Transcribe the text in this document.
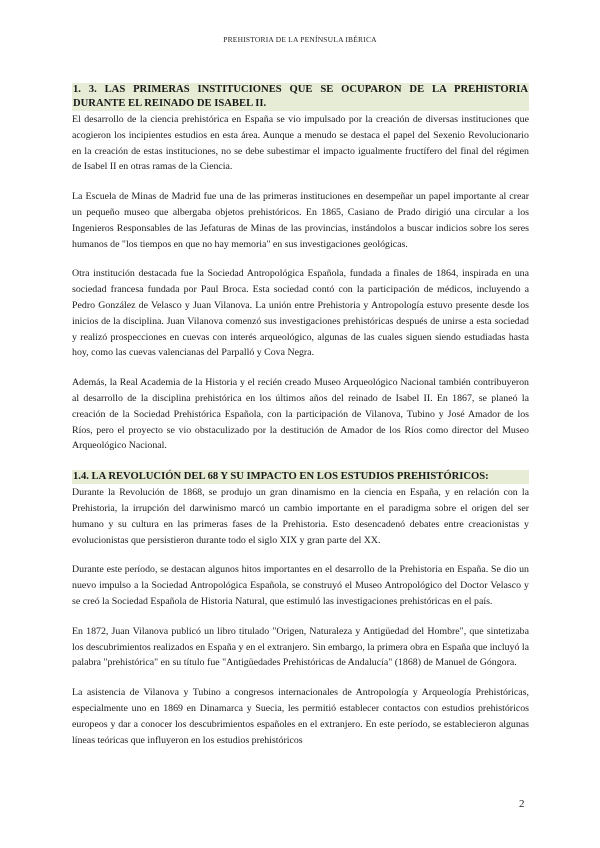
PREHISTORIA DE LA PENÍNSULA IBÉRICA

1. 3. LAS PRIMERAS INSTITUCIONES QUE SE OCUPARON DE LA PREHISTORIA DURANTE EL REINADO DE ISABEL II.

El desarrollo de la ciencia prehistórica en España se vio impulsado por la creación de diversas instituciones que acogieron los incipientes estudios en esta área. Aunque a menudo se destaca el papel del Sexenio Revolucionario en la creación de estas instituciones, no se debe subestimar el impacto igualmente fructífero del final del régimen de Isabel II en otras ramas de la Ciencia.

La Escuela de Minas de Madrid fue una de las primeras instituciones en desempeñar un papel importante al crear un pequeño museo que albergaba objetos prehistóricos. En 1865, Casiano de Prado dirigió una circular a los Ingenieros Responsables de las Jefaturas de Minas de las provincias, instándolos a buscar indicios sobre los seres humanos de "los tiempos en que no hay memoria" en sus investigaciones geológicas.

Otra institución destacada fue la Sociedad Antropológica Española, fundada a finales de 1864, inspirada en una sociedad francesa fundada por Paul Broca. Esta sociedad contó con la participación de médicos, incluyendo a Pedro González de Velasco y Juan Vilanova. La unión entre Prehistoria y Antropología estuvo presente desde los inicios de la disciplina. Juan Vilanova comenzó sus investigaciones prehistóricas después de unirse a esta sociedad y realizó prospecciones en cuevas con interés arqueológico, algunas de las cuales siguen siendo estudiadas hasta hoy, como las cuevas valencianas del Parpalló y Cova Negra.

Además, la Real Academia de la Historia y el recién creado Museo Arqueológico Nacional también contribuyeron al desarrollo de la disciplina prehistórica en los últimos años del reinado de Isabel II. En 1867, se planeó la creación de la Sociedad Prehistórica Española, con la participación de Vilanova, Tubino y José Amador de los Ríos, pero el proyecto se vio obstaculizado por la destitución de Amador de los Ríos como director del Museo Arqueológico Nacional.

1.4. LA REVOLUCIÓN DEL 68 Y SU IMPACTO EN LOS ESTUDIOS PREHISTÓRICOS:

Durante la Revolución de 1868, se produjo un gran dinamismo en la ciencia en España, y en relación con la Prehistoria, la irrupción del darwinismo marcó un cambio importante en el paradigma sobre el origen del ser humano y su cultura en las primeras fases de la Prehistoria. Esto desencadenó debates entre creacionistas y evolucionistas que persistieron durante todo el siglo XIX y gran parte del XX.

Durante este período, se destacan algunos hitos importantes en el desarrollo de la Prehistoria en España. Se dio un nuevo impulso a la Sociedad Antropológica Española, se construyó el Museo Antropológico del Doctor Velasco y se creó la Sociedad Española de Historia Natural, que estimuló las investigaciones prehistóricas en el país.

En 1872, Juan Vilanova publicó un libro titulado "Origen, Naturaleza y Antigüedad del Hombre", que sintetizaba los descubrimientos realizados en España y en el extranjero. Sin embargo, la primera obra en España que incluyó la palabra "prehistórica" en su título fue "Antigüedades Prehistóricas de Andalucía" (1868) de Manuel de Góngora.

La asistencia de Vilanova y Tubino a congresos internacionales de Antropología y Arqueología Prehistóricas, especialmente uno en 1869 en Dinamarca y Suecia, les permitió establecer contactos con estudios prehistóricos europeos y dar a conocer los descubrimientos españoles en el extranjero. En este período, se establecieron algunas líneas teóricas que influyeron en los estudios prehistóricos

2
